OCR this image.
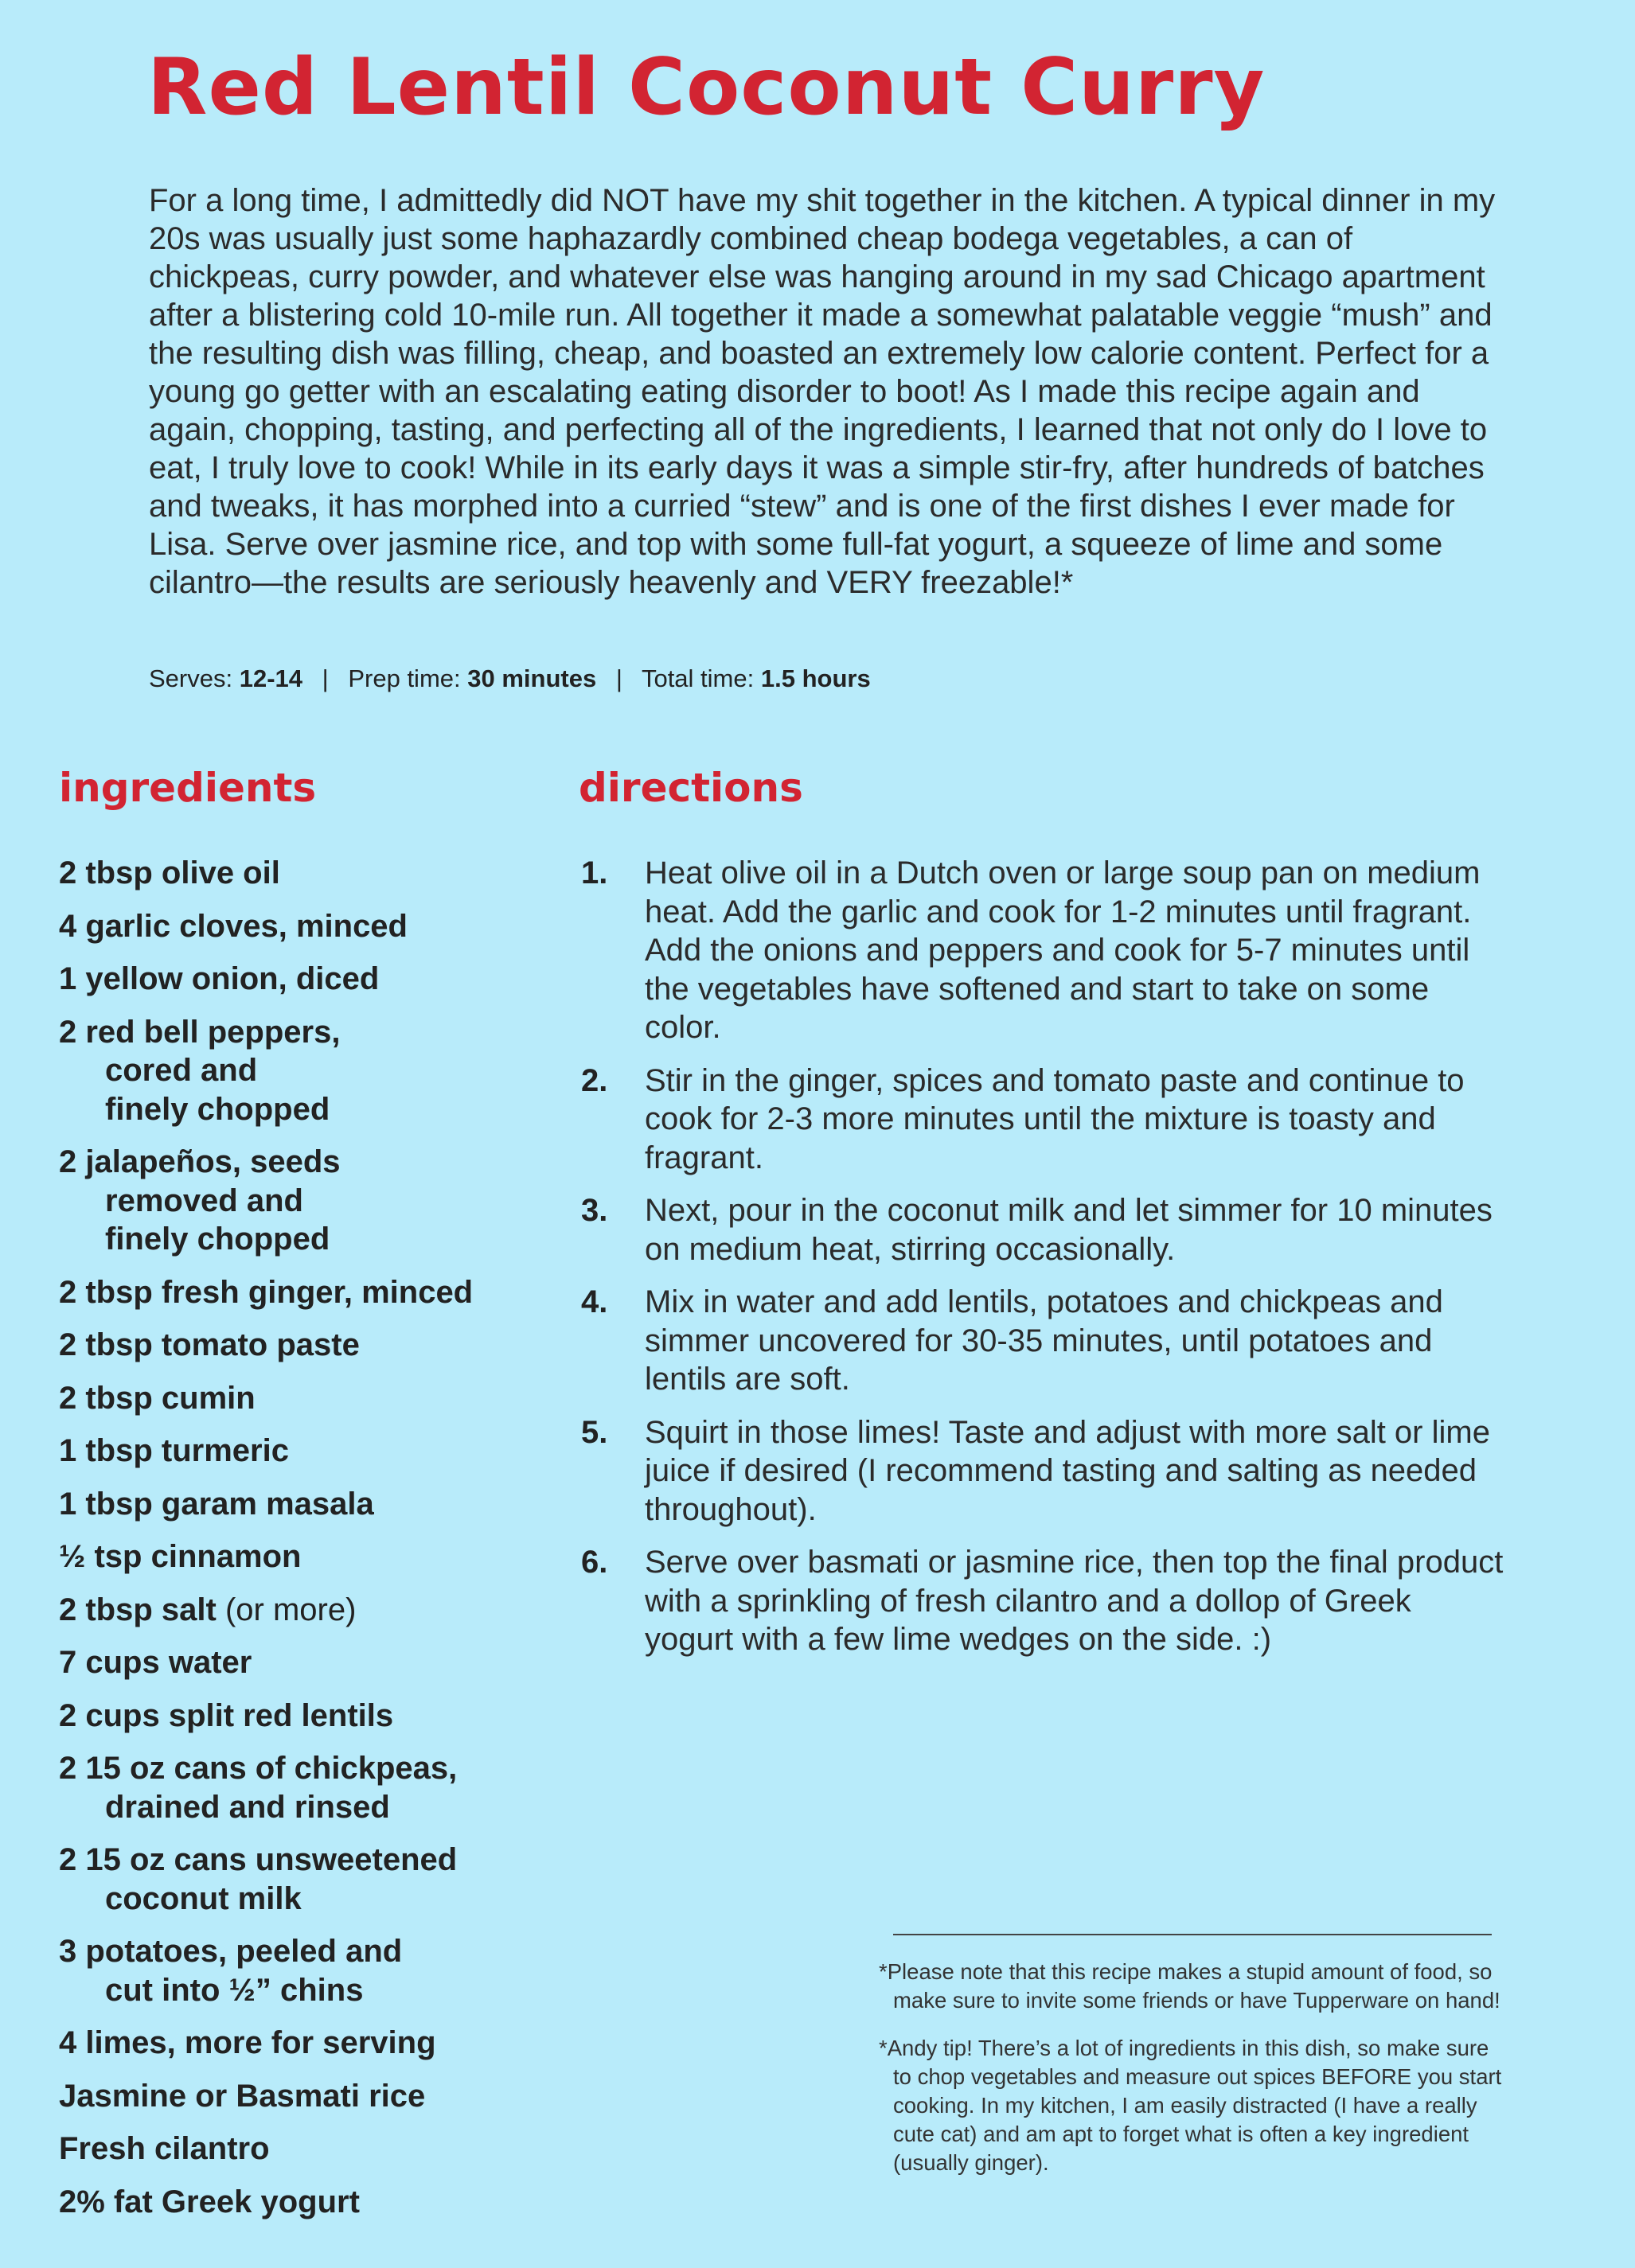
Red Lentil Coconut Curry

For a long time, I admittedly did NOT have my shit together in the kitchen. A typical dinner in my 20s was usually just some haphazardly combined cheap bodega vegetables, a can of chickpeas, curry powder, and whatever else was hanging around in my sad Chicago apartment after a blistering cold 10-mile run. All together it made a somewhat palatable veggie “mush” and the resulting dish was filling, cheap, and boasted an extremely low calorie content. Perfect for a young go getter with an escalating eating disorder to boot! As I made this recipe again and again, chopping, tasting, and perfecting all of the ingredients, I learned that not only do I love to eat, I truly love to cook! While in its early days it was a simple stir-fry, after hundreds of batches and tweaks, it has morphed into a curried “stew” and is one of the first dishes I ever made for Lisa. Serve over jasmine rice, and top with some full-fat yogurt, a squeeze of lime and some cilantro—the results are seriously heavenly and VERY freezable!*

Serves: 12-14 | Prep time: 30 minutes | Total time: 1.5 hours
ingredients	directions
2 tbsp olive oil
4 garlic cloves, minced
1 yellow onion, diced
2 red bell peppers,
cored and
finely chopped
2 jalapeños, seeds
removed and
finely chopped
2 tbsp fresh ginger, minced
2 tbsp tomato paste
2 tbsp cumin
1 tbsp turmeric
1 tbsp garam masala
½ tsp cinnamon
2 tbsp salt (or more)
7 cups water
2 cups split red lentils
2 15 oz cans of chickpeas,
drained and rinsed
2 15 oz cans unsweetened
coconut milk
3 potatoes, peeled and
cut into ½” chins
4 limes, more for serving
Jasmine or Basmati rice
Fresh cilantro
2% fat Greek yogurt
1.	Heat olive oil in a Dutch oven or large soup pan on medium heat. Add the garlic and cook for 1-2 minutes until fragrant. Add the onions and peppers and cook for 5-7 minutes until the vegetables have softened and start to take on some color.
2.	Stir in the ginger, spices and tomato paste and continue to cook for 2-3 more minutes until the mixture is toasty and fragrant.
3.	Next, pour in the coconut milk and let simmer for 10 minutes on medium heat, stirring occasionally.
4.	Mix in water and add lentils, potatoes and chickpeas and simmer uncovered for 30-35 minutes, until potatoes and lentils are soft.
5.	Squirt in those limes! Taste and adjust with more salt or lime juice if desired (I recommend tasting and salting as needed throughout).
6.	Serve over basmati or jasmine rice, then top the final product with a sprinkling of fresh cilantro and a dollop of Greek yogurt with a few lime wedges on the side. :)

*Please note that this recipe makes a stupid amount of food, so make sure to invite some friends or have Tupperware on hand!

*Andy tip! There’s a lot of ingredients in this dish, so make sure to chop vegetables and measure out spices BEFORE you start cooking. In my kitchen, I am easily distracted (I have a really cute cat) and am apt to forget what is often a key ingredient (usually ginger).
